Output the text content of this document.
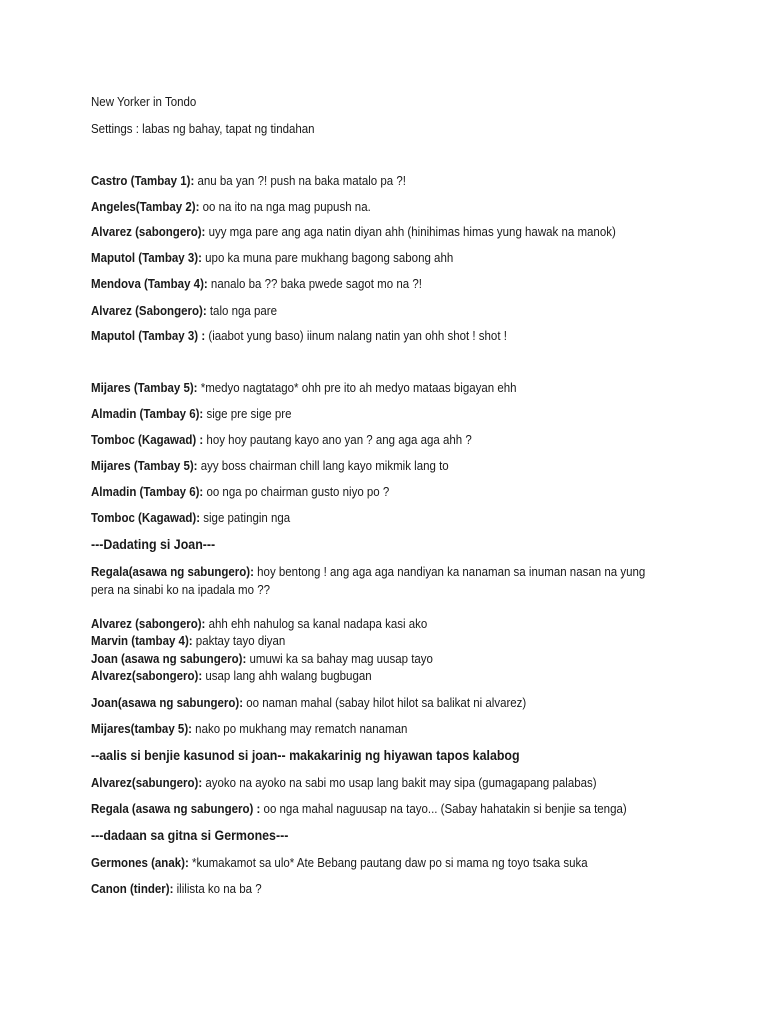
New Yorker in Tondo
Settings : labas ng bahay, tapat ng tindahan
Castro (Tambay 1): anu ba yan ?! push na baka matalo pa ?!
Angeles(Tambay 2): oo na ito na nga mag pupush na.
Alvarez (sabongero): uyy mga pare ang aga natin diyan ahh (hinihimas himas yung hawak na manok)
Maputol (Tambay 3): upo ka muna pare mukhang bagong sabong ahh
Mendova (Tambay 4): nanalo ba ?? baka pwede sagot mo na ?!
Alvarez (Sabongero): talo nga pare
Maputol (Tambay 3) : (iaabot yung baso) iinum nalang natin yan ohh shot ! shot !
Mijares (Tambay 5): *medyo nagtatago* ohh pre ito ah medyo mataas bigayan ehh
Almadin (Tambay 6): sige pre sige pre
Tomboc (Kagawad) : hoy hoy pautang kayo ano yan ? ang aga aga ahh ?
Mijares (Tambay 5): ayy boss chairman chill lang kayo mikmik lang to
Almadin (Tambay 6): oo nga po chairman gusto niyo po ?
Tomboc (Kagawad): sige patingin nga
---Dadating si Joan---
Regala(asawa ng sabungero): hoy bentong ! ang aga aga nandiyan ka nanaman sa inuman nasan na yung pera na sinabi ko na ipadala mo ??
Alvarez (sabongero): ahh ehh nahulog sa kanal nadapa kasi ako
Marvin (tambay 4): paktay tayo diyan
Joan (asawa ng sabungero): umuwi ka sa bahay mag uusap tayo
Alvarez(sabongero): usap lang ahh walang bugbugan
Joan(asawa ng sabungero): oo naman mahal (sabay hilot hilot sa balikat ni alvarez)
Mijares(tambay 5): nako po mukhang may rematch nanaman
--aalis si benjie kasunod si joan-- makakarinig ng hiyawan tapos kalabog
Alvarez(sabungero): ayoko na ayoko na sabi mo usap lang bakit may sipa (gumagapang palabas)
Regala (asawa ng sabungero) : oo nga mahal naguusap na tayo... (Sabay hahatakin si benjie sa tenga)
---dadaan sa gitna si Germones---
Germones (anak): *kumakamot sa ulo* Ate Bebang pautang daw po si mama ng toyo tsaka suka
Canon (tinder): ililista ko na ba ?
